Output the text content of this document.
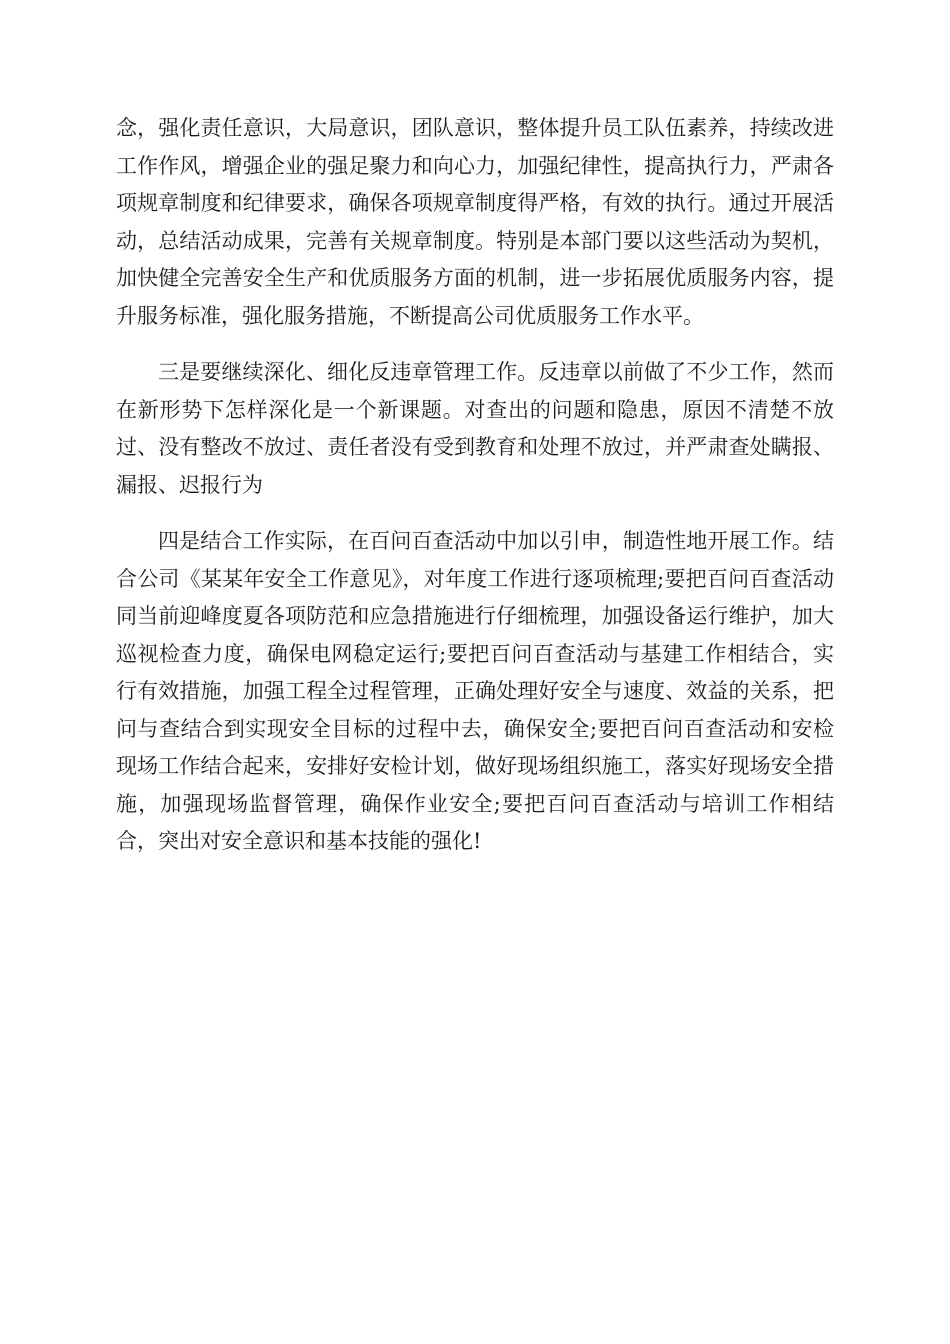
念，强化责任意识，大局意识，团队意识，整体提升员工队伍素养，持续改进工作作风，增强企业的强足聚力和向心力，加强纪律性，提高执行力，严肃各项规章制度和纪律要求，确保各项规章制度得严格，有效的执行。通过开展活动，总结活动成果，完善有关规章制度。特别是本部门要以这些活动为契机，加快健全完善安全生产和优质服务方面的机制，进一步拓展优质服务内容，提升服务标准，强化服务措施，不断提高公司优质服务工作水平。

三是要继续深化、细化反违章管理工作。反违章以前做了不少工作，然而在新形势下怎样深化是一个新课题。对查出的问题和隐患，原因不清楚不放过、没有整改不放过、责任者没有受到教育和处理不放过，并严肃查处瞒报、漏报、迟报行为

四是结合工作实际，在百问百查活动中加以引申，制造性地开展工作。结合公司《某某年安全工作意见》，对年度工作进行逐项梳理;要把百问百查活动同当前迎峰度夏各项防范和应急措施进行仔细梳理，加强设备运行维护，加大巡视检查力度，确保电网稳定运行;要把百问百查活动与基建工作相结合，实行有效措施，加强工程全过程管理，正确处理好安全与速度、效益的关系，把问与查结合到实现安全目标的过程中去，确保安全;要把百问百查活动和安检现场工作结合起来，安排好安检计划，做好现场组织施工，落实好现场安全措施，加强现场监督管理，确保作业安全;要把百问百查活动与培训工作相结合，突出对安全意识和基本技能的强化!
